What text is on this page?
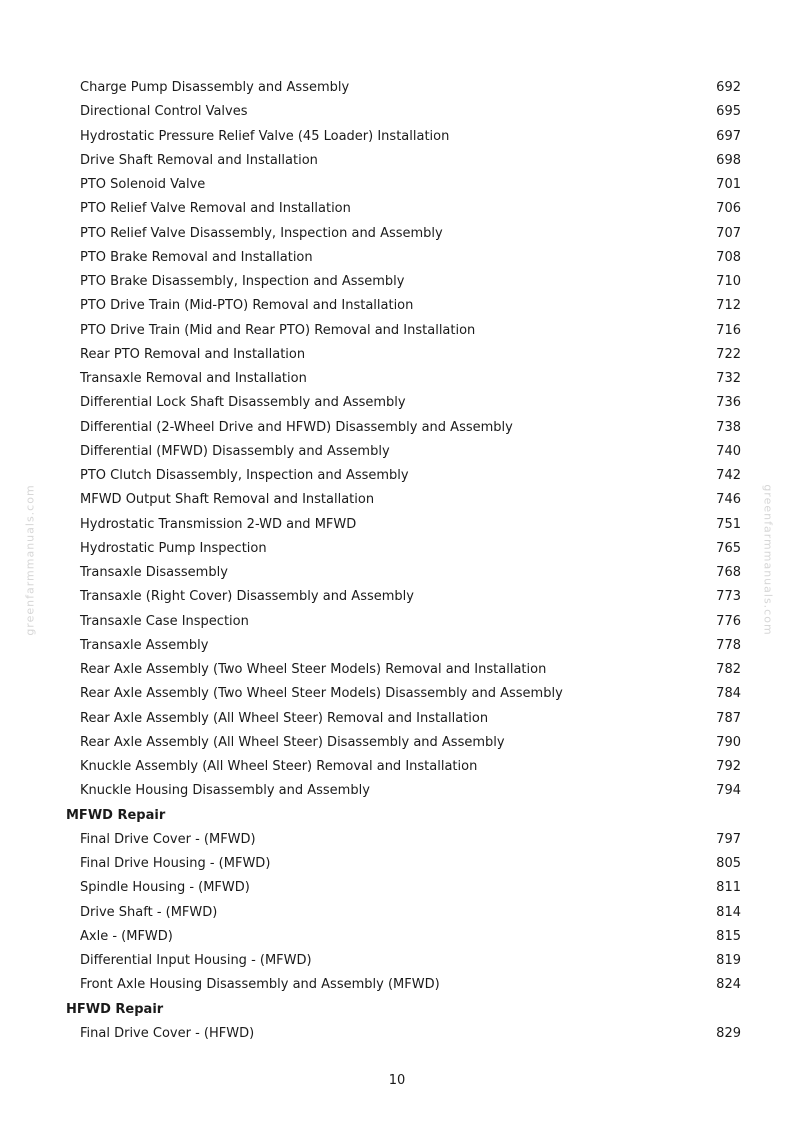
greenfarmmanuals.com	greenfarmmanuals.com
Charge Pump Disassembly and Assembly	692
Directional Control Valves	695
Hydrostatic Pressure Relief Valve (45 Loader) Installation	697
Drive Shaft Removal and Installation	698
PTO Solenoid Valve	701
PTO Relief Valve Removal and Installation	706
PTO Relief Valve Disassembly, Inspection and Assembly	707
PTO Brake Removal and Installation	708
PTO Brake Disassembly, Inspection and Assembly	710
PTO Drive Train (Mid-PTO) Removal and Installation	712
PTO Drive Train (Mid and Rear PTO) Removal and Installation	716
Rear PTO Removal and Installation	722
Transaxle Removal and Installation	732
Differential Lock Shaft Disassembly and Assembly	736
Differential (2-Wheel Drive and HFWD) Disassembly and Assembly	738
Differential (MFWD) Disassembly and Assembly	740
PTO Clutch Disassembly, Inspection and Assembly	742
MFWD Output Shaft Removal and Installation	746
Hydrostatic Transmission 2-WD and MFWD	751
Hydrostatic Pump Inspection	765
Transaxle Disassembly	768
Transaxle (Right Cover) Disassembly and Assembly	773
Transaxle Case Inspection	776
Transaxle Assembly	778
Rear Axle Assembly (Two Wheel Steer Models) Removal and Installation	782
Rear Axle Assembly (Two Wheel Steer Models) Disassembly and Assembly	784
Rear Axle Assembly (All Wheel Steer) Removal and Installation	787
Rear Axle Assembly (All Wheel Steer) Disassembly and Assembly	790
Knuckle Assembly (All Wheel Steer) Removal and Installation	792
Knuckle Housing Disassembly and Assembly	794
MFWD Repair
Final Drive Cover - (MFWD)	797
Final Drive Housing - (MFWD)	805
Spindle Housing - (MFWD)	811
Drive Shaft - (MFWD)	814
Axle - (MFWD)	815
Differential Input Housing - (MFWD)	819
Front Axle Housing Disassembly and Assembly (MFWD)	824
HFWD Repair
Final Drive Cover - (HFWD)	829
10
